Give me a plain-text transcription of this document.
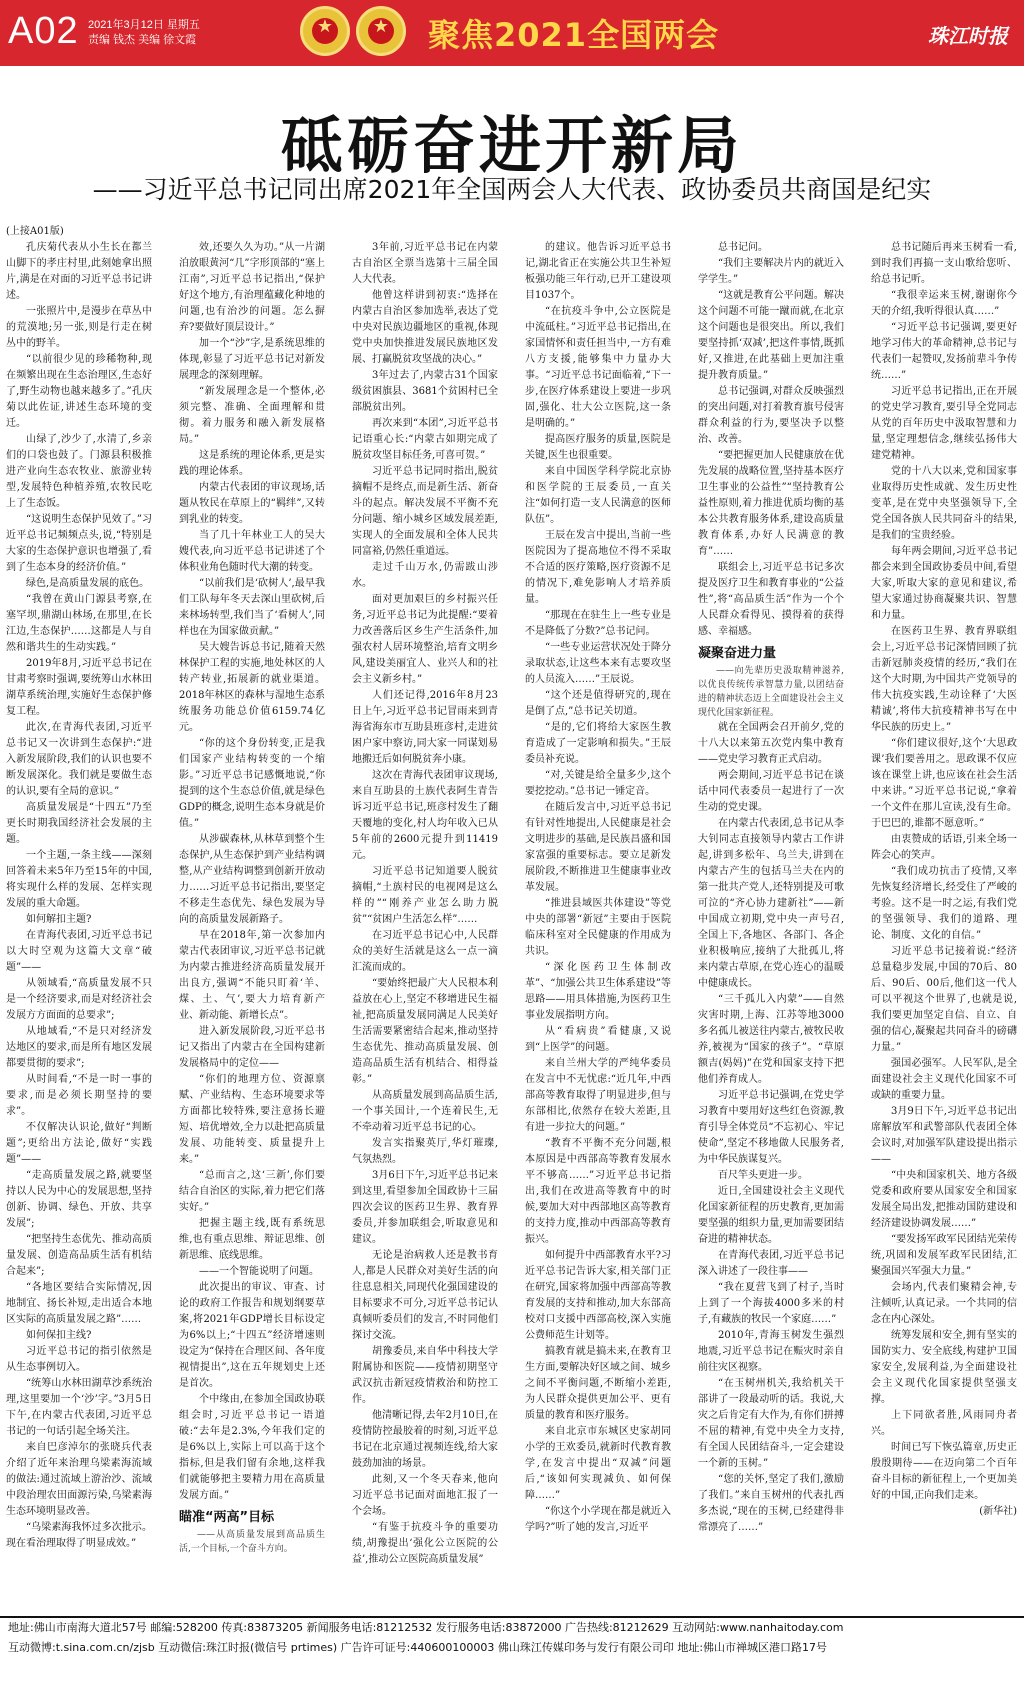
A02 2021年3月12日 星期五
责编 钱杰 美编 徐文霞
★	★	聚焦2021全国两会	珠江时报
砥砺奋进开新局
——习近平总书记同出席2021年全国两会人大代表、政协委员共商国是纪实
(上接A01版)

孔庆菊代表从小生长在都兰山脚下的孝庄村里,此刻她拿出照片,满是在对面的习近平总书记讲述。

一张照片中,是漫步在草丛中的荒漠地;另一张,则是行走在树丛中的野羊。

“以前很少见的珍稀物种,现在频繁出现在生态治理区,生态好了,野生动物也越来越多了。”孔庆菊以此佐证,讲述生态环境的变迁。

山绿了,沙少了,水清了,乡亲们的口袋也鼓了。门源县积极推进产业向生态农牧业、旅游业转型,发展特色种植养殖,农牧民吃上了生态饭。

“这说明生态保护见效了。”习近平总书记频频点头,说,“特别是大家的生态保护意识也增强了,看到了生态本身的经济价值。”

绿色,是高质量发展的底色。

“我曾在黄山门源县考察,在塞罕坝,鼎湖山林场,在那里,在长江边,生态保护……这都是人与自然和谐共生的生动实践。”

2019年8月,习近平总书记在甘肃考察时强调,要统筹山水林田湖草系统治理,实施好生态保护修复工程。

此次,在青海代表团,习近平总书记又一次讲到生态保护:“进入新发展阶段,我们的认识也要不断发展深化。我们就是要做生态的认识,要有全局的意识。”

高质量发展是“十四五”乃至更长时期我国经济社会发展的主题。

一个主题,一条主线——深刻回答着未来5年乃至15年的中国,将实现什么样的发展、怎样实现发展的重大命题。

如何解扣主题?

在青海代表团,习近平总书记以大时空观为这篇大文章“破题”——

从领域看,“高质量发展不只是一个经济要求,而是对经济社会发展方方面面的总要求”;

从地域看,“不是只对经济发达地区的要求,而是所有地区发展都要贯彻的要求”;

从时间看,“不是一时一事的要求,而是必须长期坚持的要求”。

不仅解决认识论,做好“判断题”;更给出方法论,做好“实践题”——

“走高质量发展之路,就要坚持以人民为中心的发展思想,坚持创新、协调、绿色、开放、共享发展”;

“把坚持生态优先、推动高质量发展、创造高品质生活有机结合起来”;

“各地区要结合实际情况,因地制宜、扬长补短,走出适合本地区实际的高质量发展之路”……

如何保扣主线?

习近平总书记的指引依然是从生态事例切入。

“统筹山水林田湖草沙系统治理,这里要加一个‘沙’字。”3月5日下午,在内蒙古代表团,习近平总书记的一句话引起全场关注。

来自巴彦淖尔的张晓兵代表介绍了近年来治理乌梁素海流域的做法:通过流域上游治沙、流域中段治理农田面源污染,乌梁素海生态环境明显改善。

“乌梁素海我怀过多次批示。现在看治理取得了明显成效。”

效,还要久久为功。”从一片湖泊放眼黄河“几”字形顶部的“塞上江南”,习近平总书记指出,“保护好这个地方,有治理蕴藏化种地的问题,也有治沙的问题。怎么摒弃?要做好顶层设计。”

加一个“沙”字,是系统思维的体现,彰显了习近平总书记对新发展理念的深刻理解。

“新发展理念是一个整体,必须完整、准确、全面理解和贯彻。着力服务和融入新发展格局。”

这是系统的理论体系,更是实践的理论体系。

内蒙古代表团的审议现场,话题从牧民在草原上的“羁绊”,又转到乳业的转变。

当了几十年林业工人的吴大嫂代表,向习近平总书记讲述了个体积业角色随时代大潮的转变。

“以前我们是‘砍树人’,最早我们工队每年冬天去深山里砍树,后来林场转型,我们当了‘看树人’,同样也在为国家做贡献。”

吴大嫂告诉总书记,随着天然林保护工程的实施,地处林区的人转产转业,拓展新的就业渠道。2018年林区的森林与湿地生态系统服务功能总价值6159.74亿元。

“你的这个身份转变,正是我们国家产业结构转变的一个缩影。”习近平总书记感慨地说,“你提到的这个生态总价值,就是绿色GDP的概念,说明生态本身就是价值。”

从涉碳森林,从林草到整个生态保护,从生态保护到产业结构调整,从产业结构调整到创新开放动力……习近平总书记指出,要坚定不移走生态优先、绿色发展为导向的高质量发展新路子。

早在2018年,第一次参加内蒙古代表团审议,习近平总书记就为内蒙古推进经济高质量发展开出良方,强调“不能只盯着‘羊、煤、土、气’,要大力培育新产业、新动能、新增长点”。

进入新发展阶段,习近平总书记又指出了内蒙古在全国构建新发展格局中的定位——

“你们的地理方位、资源禀赋、产业结构、生态环境要求等方面都比较特殊,要注意扬长避短、培优增效,全力以赴把高质量发展、功能转变、质量提升上来。”

“总而言之,这‘三新’,你们要结合自治区的实际,着力把它们落实好。”

把握主题主线,既有系统思维,也有重点思维、辩证思维、创新思维、底线思维。

——一个智能说明了问题。

此次提出的审议、审查、讨论的政府工作报告和规划纲要草案,将2021年GDP增长目标设定为6%以上;“十四五”经济增速则设定为“保持在合理区间、各年度视情提出”,这在五年规划史上还是首次。

个中缘由,在参加全国政协联组会时,习近平总书记一语道破:“去年是2.3%,今年我们定的是6%以上,实际上可以高于这个指标,但是我们留有余地,这样我们就能够把主要精力用在高质量发展方面。”

瞄准“两高”目标

——从高质量发展到高品质生活,一个目标,一个奋斗方向。

3年前,习近平总书记在内蒙古自治区全票当选第十三届全国人大代表。

他曾这样讲到初衷:“选择在内蒙古自治区参加选举,表达了党中央对民族边疆地区的重视,体现党中央加快推进发展民族地区发展、打赢脱贫攻坚战的决心。”

3年过去了,内蒙古31个国家级贫困旗县、3681个贫困村已全部脱贫出列。

再次来到“本团”,习近平总书记语重心长:“内蒙古如期完成了脱贫攻坚目标任务,可喜可贺。”

习近平总书记同时指出,脱贫摘帽不是终点,而是新生活、新奋斗的起点。解决发展不平衡不充分问题、缩小城乡区域发展差距,实现人的全面发展和全体人民共同富裕,仍然任重道远。

走过千山万水,仍需跋山涉水。

面对更加艰巨的乡村振兴任务,习近平总书记为此提醒:“要着力改善落后区乡生产生活条件,加强农村人居环境整治,培育文明乡风,建设美丽宜人、业兴人和的社会主义新乡村。”

人们还记得,2016年8月23日上午,习近平总书记冒雨来到青海省海东市互助县班彦村,走进贫困户家中察访,同大家一同谋划易地搬迁后如何脱贫奔小康。

这次在青海代表团审议现场,来自互助县的土族代表阿生青告诉习近平总书记,班彦村发生了翻天覆地的变化,村人均年收入已从5年前的2600元提升到11419元。

习近平总书记知道要人脱贫摘帽,“土族村民的电视网是这么样的”“刚养产业怎么助力脱贫”“贫困户生活怎么样”……

在习近平总书记心中,人民群众的美好生活就是这么一点一滴汇流而成的。

“要始终把最广大人民根本利益放在心上,坚定不移增进民生福祉,把高质量发展同满足人民美好生活需要紧密结合起来,推动坚持生态优先、推动高质量发展、创造高品质生活有机结合、相得益彰。”

从高质量发展到高品质生活,一个事关国计,一个连着民生,无不牵动着习近平总书记的心。

发言实指聚英厅,华灯璀璨,气氛热烈。

3月6日下午,习近平总书记来到这里,看望参加全国政协十三届四次会议的医药卫生界、教育界委员,并参加联组会,听取意见和建议。

无论是治病救人还是教书育人,都是人民群众对美好生活的向往息息相关,同现代化强国建设的目标要求不可分,习近平总书记认真倾听委员们的发言,不时同他们探讨交流。

胡豫委员,来自华中科技大学附属协和医院——疫情初期坚守武汉抗击新冠疫情救治和防控工作。

他清晰记得,去年2月10日,在疫情防控最胶着的时刻,习近平总书记在北京通过视频连线,给大家鼓劲加油的场景。

此刻,又一个冬天春来,他向习近平总书记面对面地汇报了一个会场。

“有鉴于抗疫斗争的重要功绩,胡豫提出‘强化公立医院的公益’,推动公立医院高质量发展”

的建议。他告诉习近平总书记,湖北省正在实施公共卫生补短板强功能三年行动,已开工建设项目1037个。

“在抗疫斗争中,公立医院是中流砥柱。”习近平总书记指出,在家国情怀和责任担当中,一方有难八方支援,能够集中力量办大事。“习近平总书记面临着,“下一步,在医疗体系建设上要进一步巩固,强化、壮大公立医院,这一条是明确的。”

提高医疗服务的质量,医院是关键,医生也很重要。

来自中国医学科学院北京协和医学院的王辰委员,一直关注“如何打造一支人民满意的医师队伍”。

王辰在发言中提出,当前一些医院因为了提高地位不得不采取不合适的医疗策略,医疗资源不足的情况下,难免影响人才培养质量。

“那现在在驻生上一些专业是不是降低了分数?”总书记问。

“一些专业运营状况处于降分录取状态,让这些本来有志要攻坚的人员流入……”王辰说。

“这个还是值得研究的,现在是倒了点,”总书记关切道。

“是的,它们将给大家医生教育造成了一定影响和损失。”王辰委员补充说。

“对,关键是给全量多少,这个要挖挖动。”总书记一锤定音。

在随后发言中,习近平总书记有针对性地提出,人民健康是社会文明进步的基础,是民族昌盛和国家富强的重要标志。要立足新发展阶段,不断推进卫生健康事业改革发展。

“推进县域医共体建设”等党中央的部署“新冠”主要由于医院临床科室对全民健康的作用成为共识。

“深化医药卫生体制改革”、“加强公共卫生体系建设”等思路——用具体措施,为医药卫生事业发展指明方向。

从“看病贵”看健康,又说到“上医学”的问题。

来自兰州大学的严纯华委员在发言中不无忧虑:“近几年,中西部高等教育取得了明显进步,但与东部相比,依然存在较大差距,且有进一步拉大的问题。”

“教育不平衡不充分问题,根本原因是中西部高等教育发展水平不够高……”习近平总书记指出,我们在改进高等教育中的时候,要加大对中西部地区高等教育的支持力度,推动中西部高等教育振兴。

如何提升中西部教育水平?习近平总书记告诉大家,相关部门正在研究,国家将加强中西部高等教育发展的支持和推动,加大东部高校对口支援中西部高校,深入实施公费师范生计划等。

搞教育就是搞未来,在教育卫生方面,要解决好区域之间、城乡之间不平衡问题,不断缩小差距,为人民群众提供更加公平、更有质量的教育和医疗服务。

来自北京市东城区史家胡同小学的王欢委员,就新时代教育教学,在发言中提出“双减”问题后,“该如何实现减负、如何保障……”

“你这个小学现在都是就近入学吗?”听了她的发言,习近平

总书记问。

“我们主要解决片内的就近入学学生。”

“这就是教育公平问题。解决这个问题不可能一蹴而就,在北京这个问题也是很突出。所以,我们要坚持抓‘双减’,把这件事情,既抓好,又推进,在此基础上更加注重提升教育质量。”

总书记强调,对群众反映强烈的突出问题,对打着教育旗号侵害群众利益的行为,要坚决予以整治、改善。

“要把握更加人民健康放在优先发展的战略位置,坚持基本医疗卫生事业的公益性”“坚持教育公益性原则,着力推进优质均衡的基本公共教育服务体系,建设高质量教育体系,办好人民满意的教育”……

联组会上,习近平总书记多次提及医疗卫生和教育事业的“公益性”,将“高品质生活”作为一个个人民群众看得见、摸得着的获得感、幸福感。

凝聚奋进力量

——向先辈历史汲取精神滋养,以优良传统传承智慧力量,以团结奋进的精神状态迈上全面建设社会主义现代化国家新征程。

就在全国两会召开前夕,党的十八大以来第五次党内集中教育——党史学习教育正式启动。

两会期间,习近平总书记在谈话中同代表委员一起进行了一次生动的党史课。

在内蒙古代表团,总书记从李大钊同志直接领导内蒙古工作讲起,讲到多松年、乌兰夫,讲到在内蒙古产生的包括马兰夫在内的第一批共产党人,还特别提及可歌可泣的“齐心协力建新社”——新中国成立初期,党中央一声号召,全国上下,各地区、各部门、各企业积极响应,接纳了大批孤儿,将来内蒙古草原,在党心连心的温暖中健康成长。

“三千孤儿入内蒙”——自然灾害时期,上海、江苏等地3000多名孤儿被送往内蒙古,被牧民收养,被视为“国家的孩子”。“草原额吉(妈妈)”在党和国家支持下把他们养育成人。

习近平总书记强调,在党史学习教育中要用好这些红色资源,教育引导全体党员“不忘初心、牢记使命”,坚定不移地做人民服务者,为中华民族谋复兴。

百尺竿头更进一步。

近日,全国建设社会主义现代化国家新征程的历史教育,更加需要坚强的组织力量,更加需要团结奋进的精神状态。

在青海代表团,习近平总书记深入讲述了一段往事——

“我在夏营飞到了村子,当时上到了一个海拔4000多米的村子,有藏族的牧民一个家庭……”

2010年,青海玉树发生强烈地震,习近平总书记在赈灾时亲自前往灾区视察。

“在玉树州机关,我给机关干部讲了一段最动听的话。我说,大灾之后肯定有大作为,有你们拼搏不屈的精神,有党中央全力支持,有全国人民团结奋斗,一定会建设一个新的玉树。”

“您的关怀,坚定了我们,激励了我们。”来自玉树州的代表扎西多杰说,“现在的玉树,已经建得非常漂亮了……”

总书记随后再来玉树看一看,到时我们再搞一支山歌给您听、给总书记听。

“我很幸运来玉树,谢谢你今天的介绍,我听得很认真……”

“习近平总书记强调,要更好地学习伟大的革命精神,总书记与代表们一起赞叹,发扬前辈斗争传统……”

习近平总书记指出,正在开展的党史学习教育,要引导全党同志从党的百年历史中汲取智慧和力量,坚定理想信念,继续弘扬伟大建党精神。

党的十八大以来,党和国家事业取得历史性成就、发生历史性变革,是在党中央坚强领导下,全党全国各族人民共同奋斗的结果,是我们的宝贵经验。

每年两会期间,习近平总书记都会来到全国政协委员中间,看望大家,听取大家的意见和建议,希望大家通过协商凝聚共识、智慧和力量。

在医药卫生界、教育界联组会上,习近平总书记深情回顾了抗击新冠肺炎疫情的经历,“我们在这个大时期,为中国共产党领导的伟大抗疫实践,生动诠释了‘大医精诚’,将伟大抗疫精神书写在中华民族的历史上。”

“你们建议很好,这个‘大思政课’我们要善用之。思政课不仅应该在课堂上讲,也应该在社会生活中来讲。”习近平总书记说,“拿着一个文件在那儿宣读,没有生命。于巴巴的,谁都不愿意听。”

由衷赞成的话语,引来全场一阵会心的笑声。

“我们成功抗击了疫情,又率先恢复经济增长,经受住了严峻的考验。这不是一时之运,有我们党的坚强领导、我们的道路、理论、制度、文化的自信。”

习近平总书记接着说:“经济总量稳步发展,中国的70后、80后、90后、00后,他们这一代人可以平视这个世界了,也就是说,我们要更加坚定自信、自立、自强的信心,凝聚起共同奋斗的磅礴力量。”

强国必强军。人民军队,是全面建设社会主义现代化国家不可或缺的重要力量。

3月9日下午,习近平总书记出席解放军和武警部队代表团全体会议时,对加强军队建设提出指示——

“中央和国家机关、地方各级党委和政府要从国家安全和国家发展全局出发,把推动国防建设和经济建设协调发展……”

“要发扬军政军民团结光荣传统,巩固和发展军政军民团结,汇聚强国兴军强大力量。”

会场内,代表们聚精会神,专注倾听,认真记录。一个共同的信念在内心深处。

统筹发展和安全,拥有坚实的国防实力、安全底线,构建护卫国家安全,发展利益,为全面建设社会主义现代化国家提供坚强支撑。

上下同欲者胜,风雨同舟者兴。

时间已写下恢弘篇章,历史正殷殷期待——在迈向第二个百年奋斗目标的新征程上,一个更加美好的中国,正向我们走来。

(新华社)
地址:佛山市南海大道北57号 邮编:528200 传真:83873205 新闻服务电话:81212532 发行服务电话:83872000 广告热线:81212629 互动网站:www.nanhaitoday.com
互动微博:t.sina.com.cn/zjsb 互动微信:珠江时报(微信号 prtimes) 广告许可证号:440600100003 佛山珠江传媒印务与发行有限公司印 地址:佛山市禅城区港口路17号
